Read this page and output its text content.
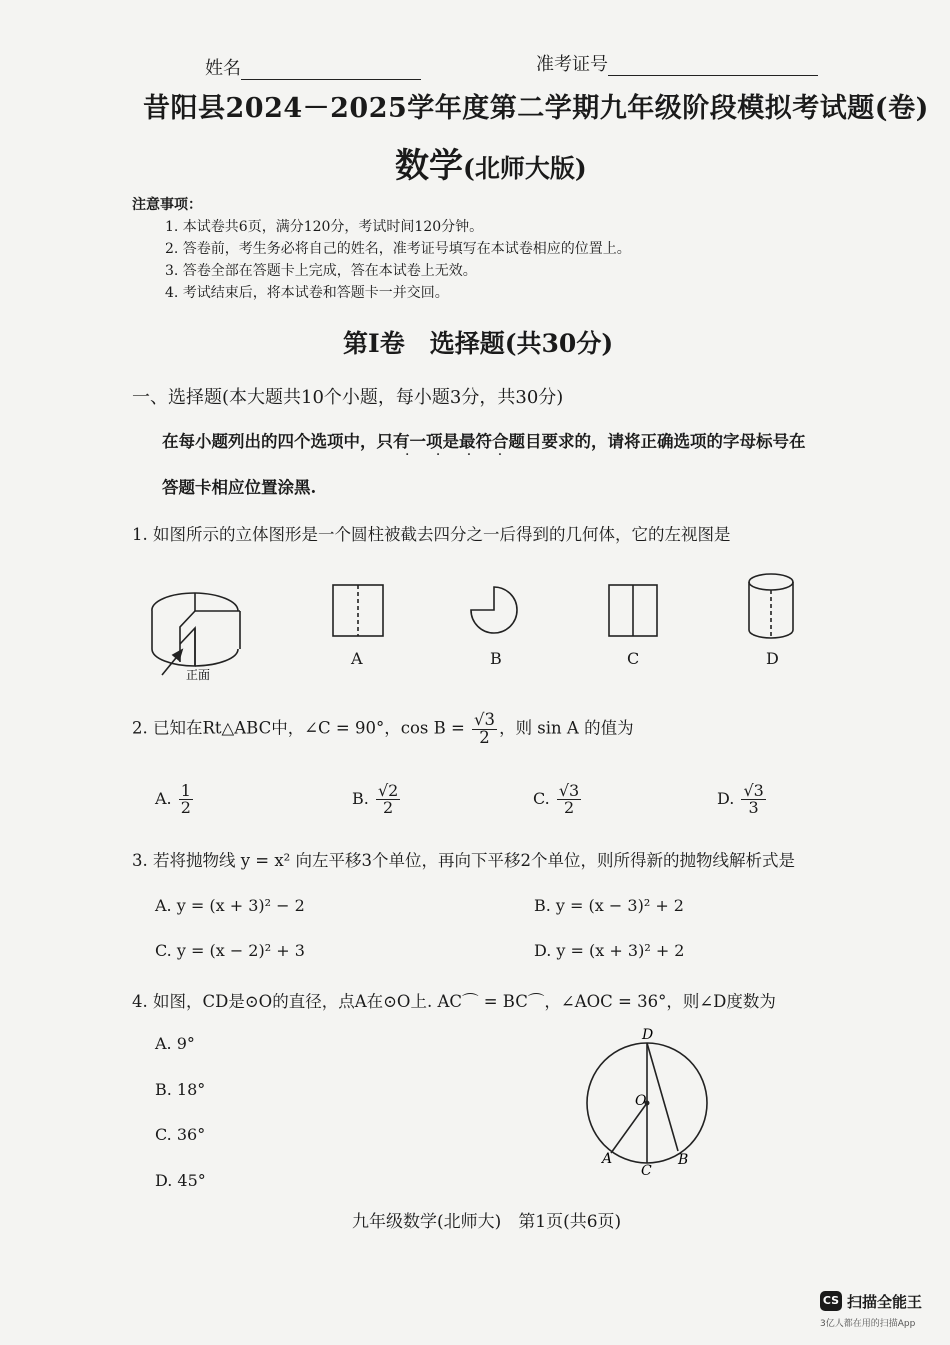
姓名	准考证号
昔阳县2024－2025学年度第二学期九年级阶段模拟考试题(卷)
数学(北师大版)
注意事项：
1. 本试卷共6页，满分120分，考试时间120分钟。
2. 答卷前，考生务必将自己的姓名，准考证号填写在本试卷相应的位置上。
3. 答卷全部在答题卡上完成，答在本试卷上无效。
4. 考试结束后，将本试卷和答题卡一并交回。
第Ⅰ卷　选择题(共30分)
一、选择题(本大题共10个小题，每小题3分，共30分)
在每小题列出的四个选项中，只有一项是最符合题目要求的，请将正确选项的字母标号在
· · · ·
答题卡相应位置涂黑.
1. 如图所示的立体图形是一个圆柱被截去四分之一后得到的几何体，它的左视图是
正面
A	B	C	D
2. 已知在Rt△ABC中，∠C = 90°，$\cos B = \frac{√3}{2}$ ，则 sin A 的值为
A. $\frac{1}{2}$	B. $\frac{√2}{2}$	C. $\frac{√3}{2}$	D. $\frac{√3}{3}$
3. 若将抛物线 y = x² 向左平移3个单位，再向下平移2个单位，则所得新的抛物线解析式是
A. y = (x + 3)² − 2	B. y = (x − 3)² + 2
C. y = (x − 2)² + 3	D. y = (x + 3)² + 2
4. 如图，CD是⊙O的直径，点A在⊙O上. AC⌒ = BC⌒，∠AOC = 36°，则∠D度数为
A. 9°
B. 18°
C. 36°
D. 45°
D
O
A
C
B
九年级数学(北师大)　第1页(共6页)
CS 扫描全能王
3亿人都在用的扫描App
